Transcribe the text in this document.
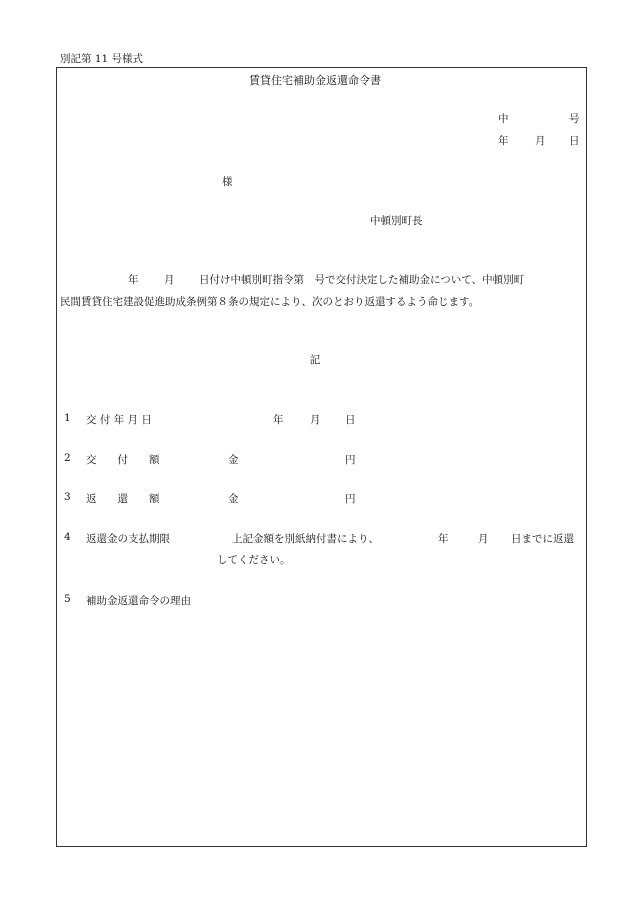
別記第 11 号様式
賃貸住宅補助金返還命令書
中	号
年	月 日
様
中頓別町長
年 月 日付け中頓別町指令第　号で交付決定した補助金について、中頓別町
民間賃貸住宅建設促進助成条例第８条の規定により、次のとおり返還するよう命じます。
記
1 交 付 年 月 日	年	月 日
2 交　　付　　額	金	円
3 返　　還　　額	金	円
4 返還金の支払期限	上記金額を別紙納付書により、	年	月 日までに返還
してください。
5 補助金返還命令の理由
